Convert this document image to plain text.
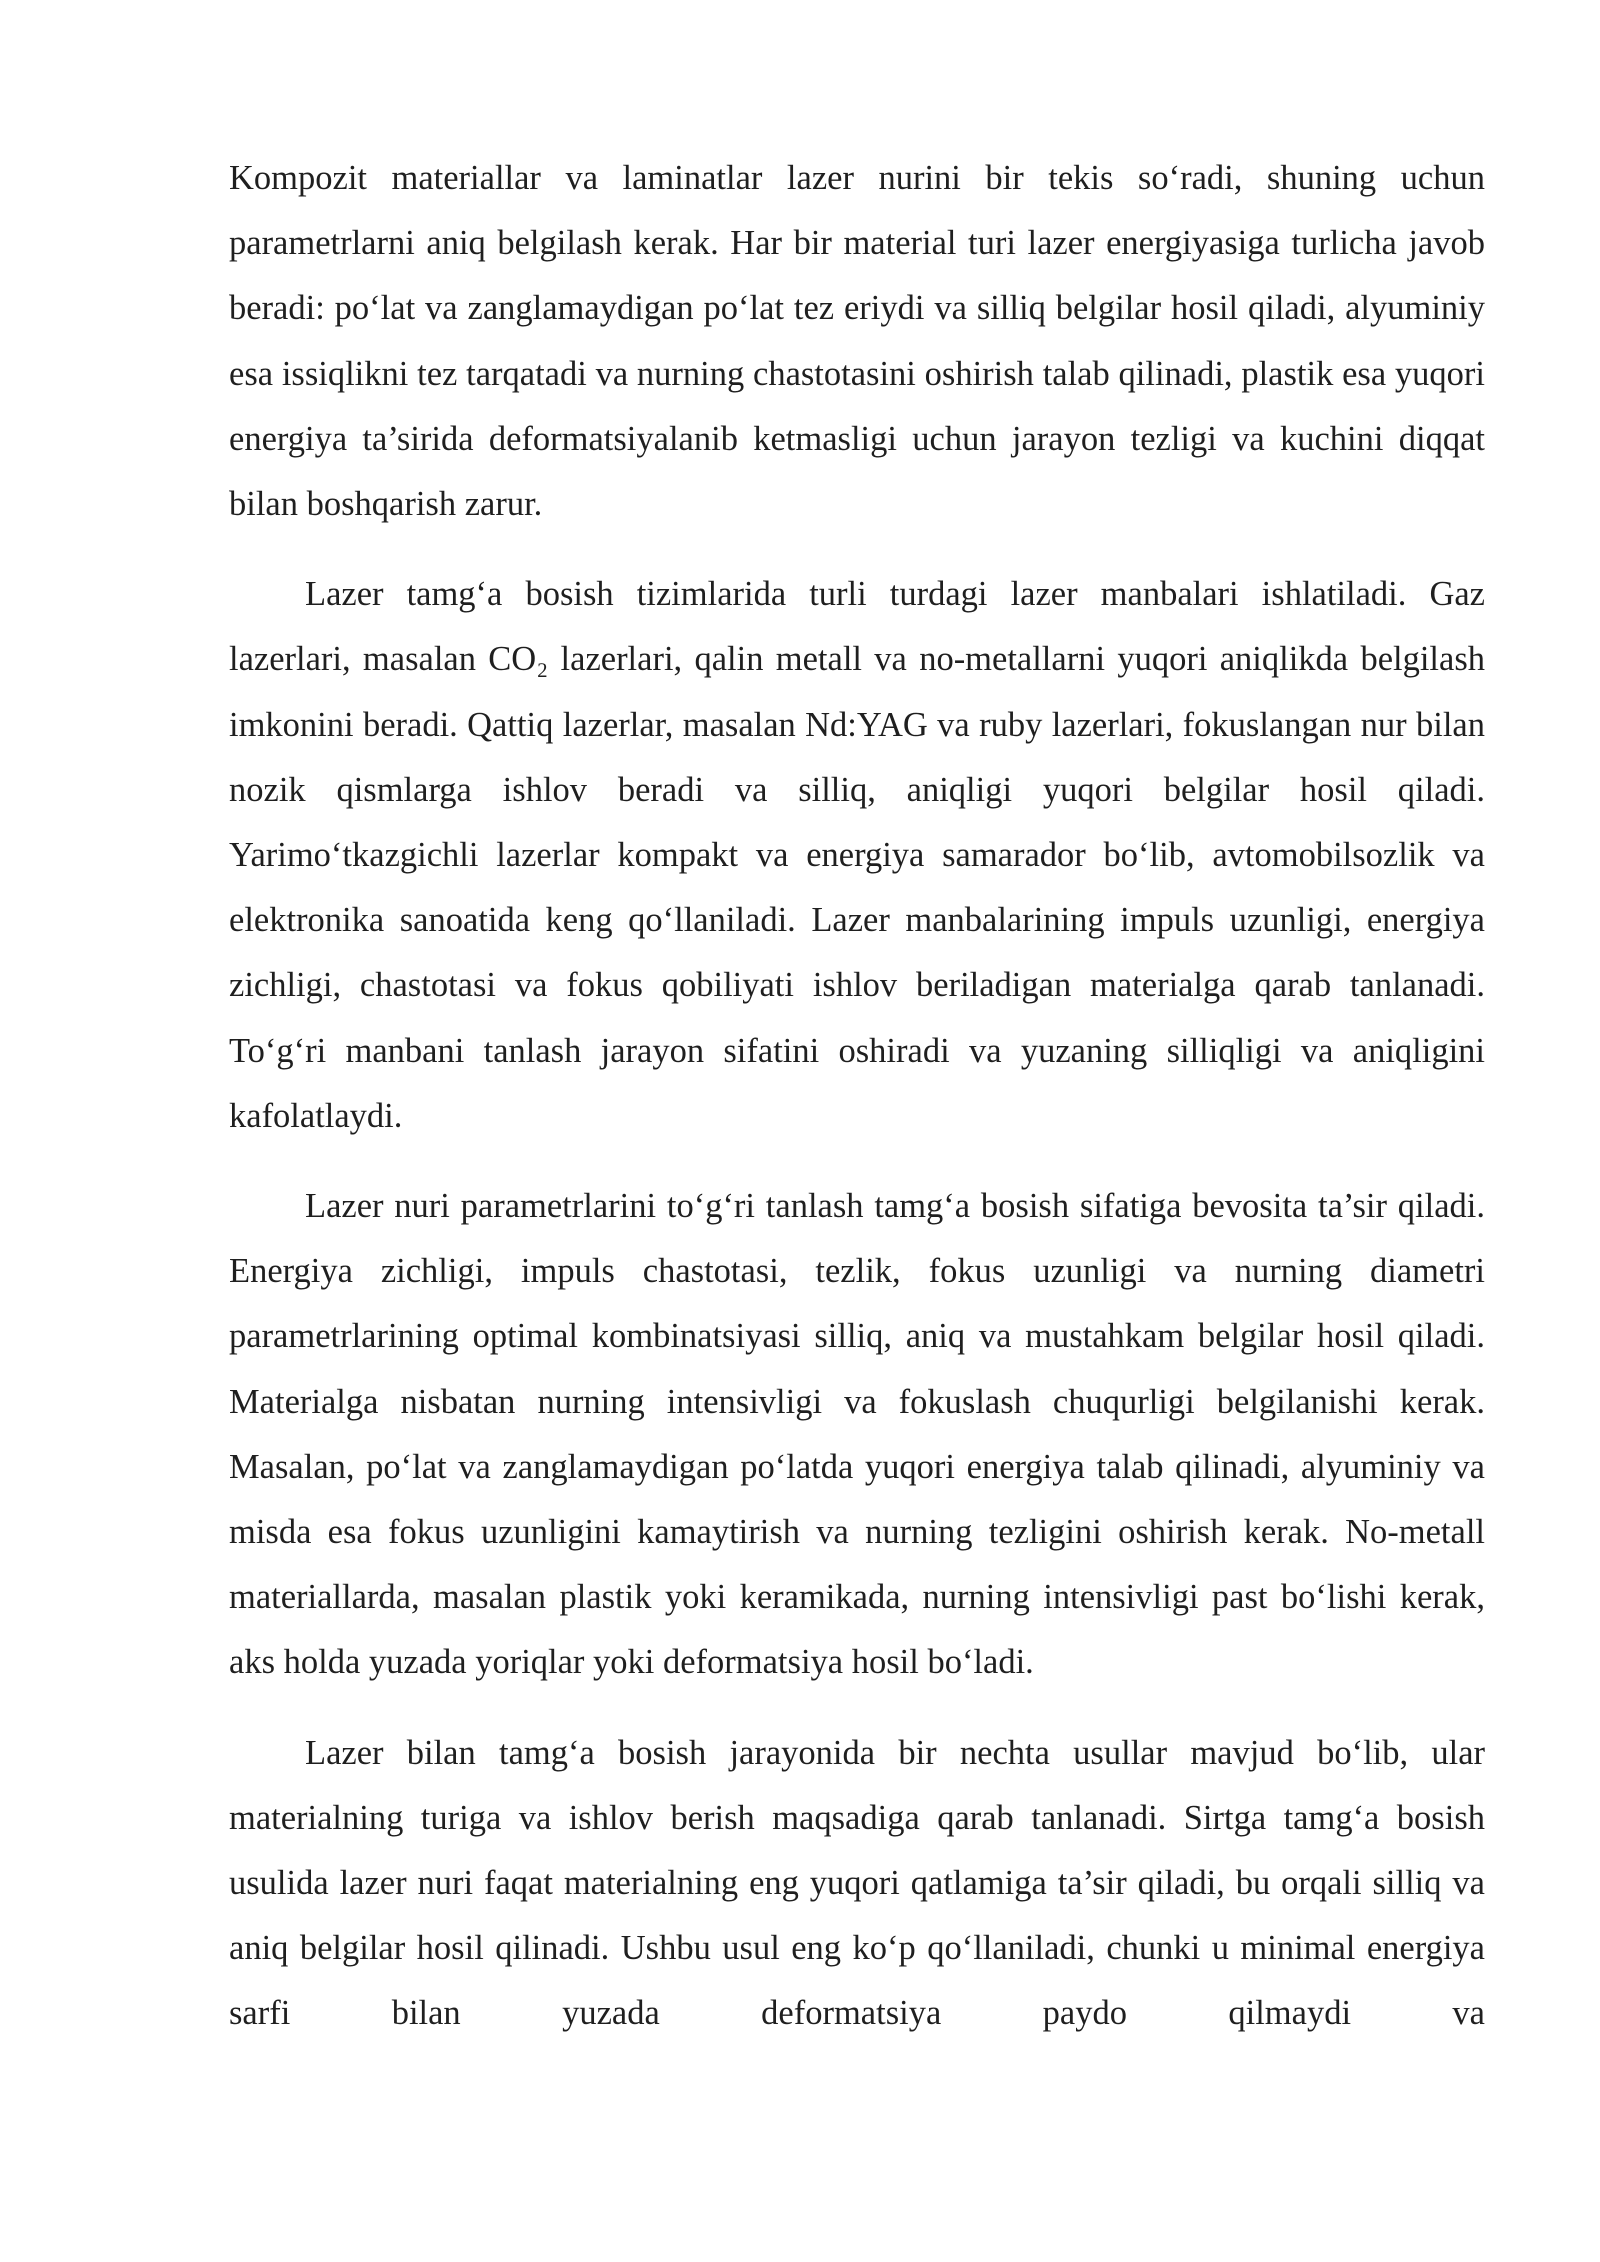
Kompozit materiallar va laminatlar lazer nurini bir tekis so‘radi, shuning uchun parametrlarni aniq belgilash kerak. Har bir material turi lazer energiyasiga turlicha javob beradi: po‘lat va zanglamaydigan po‘lat tez eriydi va silliq belgilar hosil qiladi, alyuminiy esa issiqlikni tez tarqatadi va nurning chastotasini oshirish talab qilinadi, plastik esa yuqori energiya ta’sirida deformatsiyalanib ketmasligi uchun jarayon tezligi va kuchini diqqat bilan boshqarish zarur.

Lazer tamg‘a bosish tizimlarida turli turdagi lazer manbalari ishlatiladi. Gaz lazerlari, masalan CO₂ lazerlari, qalin metall va no-metallarni yuqori aniqlikda belgilash imkonini beradi. Qattiq lazerlar, masalan Nd:YAG va ruby lazerlari, fokuslangan nur bilan nozik qismlarga ishlov beradi va silliq, aniqligi yuqori belgilar hosil qiladi. Yarimo‘tkazgichli lazerlar kompakt va energiya samarador bo‘lib, avtomobilsozlik va elektronika sanoatida keng qo‘llaniladi. Lazer manbalarining impuls uzunligi, energiya zichligi, chastotasi va fokus qobiliyati ishlov beriladigan materialga qarab tanlanadi. To‘g‘ri manbani tanlash jarayon sifatini oshiradi va yuzaning silliqligi va aniqligini kafolatlaydi.

Lazer nuri parametrlarini to‘g‘ri tanlash tamg‘a bosish sifatiga bevosita ta’sir qiladi. Energiya zichligi, impuls chastotasi, tezlik, fokus uzunligi va nurning diametri parametrlarining optimal kombinatsiyasi silliq, aniq va mustahkam belgilar hosil qiladi. Materialga nisbatan nurning intensivligi va fokuslash chuqurligi belgilanishi kerak. Masalan, po‘lat va zanglamaydigan po‘latda yuqori energiya talab qilinadi, alyuminiy va misda esa fokus uzunligini kamaytirish va nurning tezligini oshirish kerak. No-metall materiallarda, masalan plastik yoki keramikada, nurning intensivligi past bo‘lishi kerak, aks holda yuzada yoriqlar yoki deformatsiya hosil bo‘ladi.

Lazer bilan tamg‘a bosish jarayonida bir nechta usullar mavjud bo‘lib, ular materialning turiga va ishlov berish maqsadiga qarab tanlanadi. Sirtga tamg‘a bosish usulida lazer nuri faqat materialning eng yuqori qatlamiga ta’sir qiladi, bu orqali silliq va aniq belgilar hosil qilinadi. Ushbu usul eng ko‘p qo‘llaniladi, chunki u minimal energiya sarfi bilan yuzada deformatsiya paydo qilmaydi va
